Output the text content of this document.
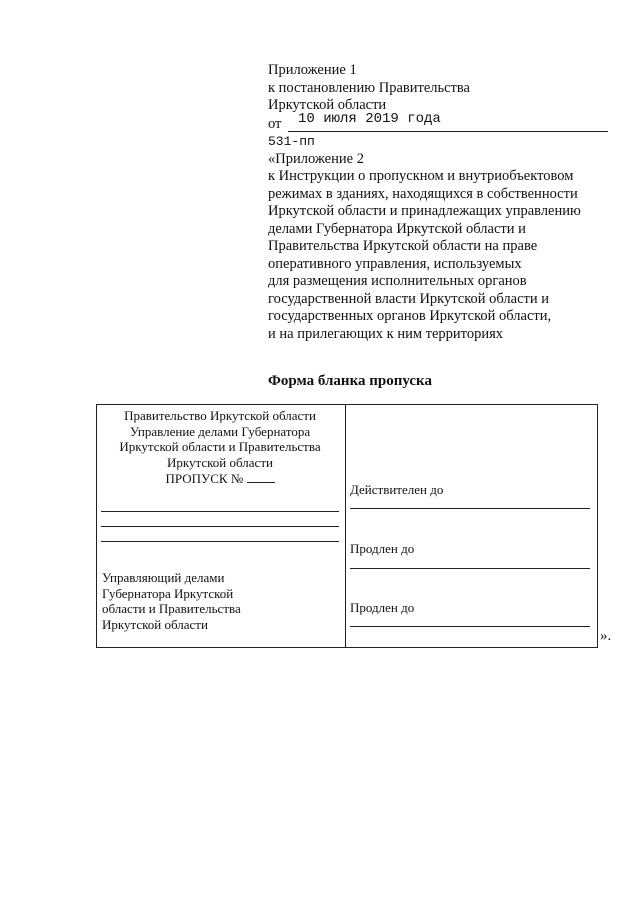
Приложение 1
к постановлению Правительства
Иркутской области
от 10 июля 2019 года
531-пп
«Приложение 2
к Инструкции о пропускном и внутриобъектовом
режимах в зданиях, находящихся в собственности
Иркутской области и принадлежащих управлению
делами Губернатора Иркутской области и
Правительства Иркутской области на праве
оперативного управления, используемых
для размещения исполнительных органов
государственной власти Иркутской области и
государственных органов Иркутской области,
и на прилегающих к ним территориях
Форма бланка пропуска
Правительство Иркутской области
Управление делами Губернатора
Иркутской области и Правительства
Иркутской области
ПРОПУСК №
Управляющий делами
Губернатора Иркутской
области и Правительства
Иркутской области
Действителен до
Продлен до
Продлен до
».
